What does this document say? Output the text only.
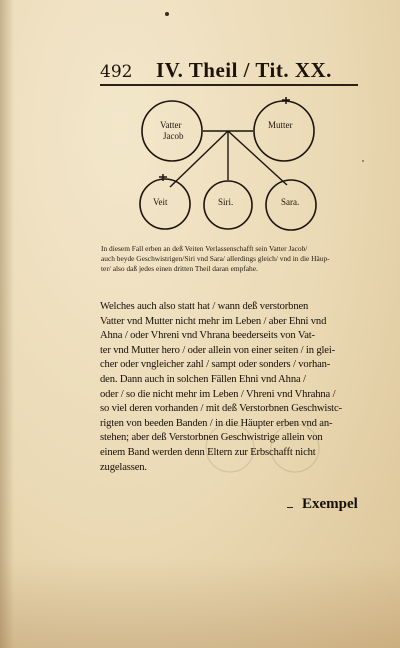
492 IV. Theil / Tit. XX.
Vatter
Jacob
Mutter
Veit	Siri.	Sara.
In diesem Fall erben an deß Veiten Verlassenschafft sein Vatter Jacob/
auch beyde Geschwistrigen/Siri vnd Sara/ allerdings gleich/ vnd in die Häup-
ter/ also daß jedes einen dritten Theil daran empfahe.
Welches auch also statt hat / wann deß verstorbnen
Vatter vnd Mutter nicht mehr im Leben / aber Ehni vnd
Ahna / oder Vhreni vnd Vhrana beederseits von Vat-
ter vnd Mutter hero / oder allein von einer seiten / in glei-
cher oder vngleicher zahl / sampt oder sonders / vorhan-
den. Dann auch in solchen Fällen Ehni vnd Ahna /
oder / so die nicht mehr im Leben / Vhreni vnd Vhrahna /
so viel deren vorhanden / mit deß Verstorbnen Geschwistc-
rigten von beeden Banden / in die Häupter erben vnd an-
stehen; aber deß Verstorbnen Geschwistrige allein von
einem Band werden denn Eltern zur Erbschafft nicht
zugelassen.
Exempel
